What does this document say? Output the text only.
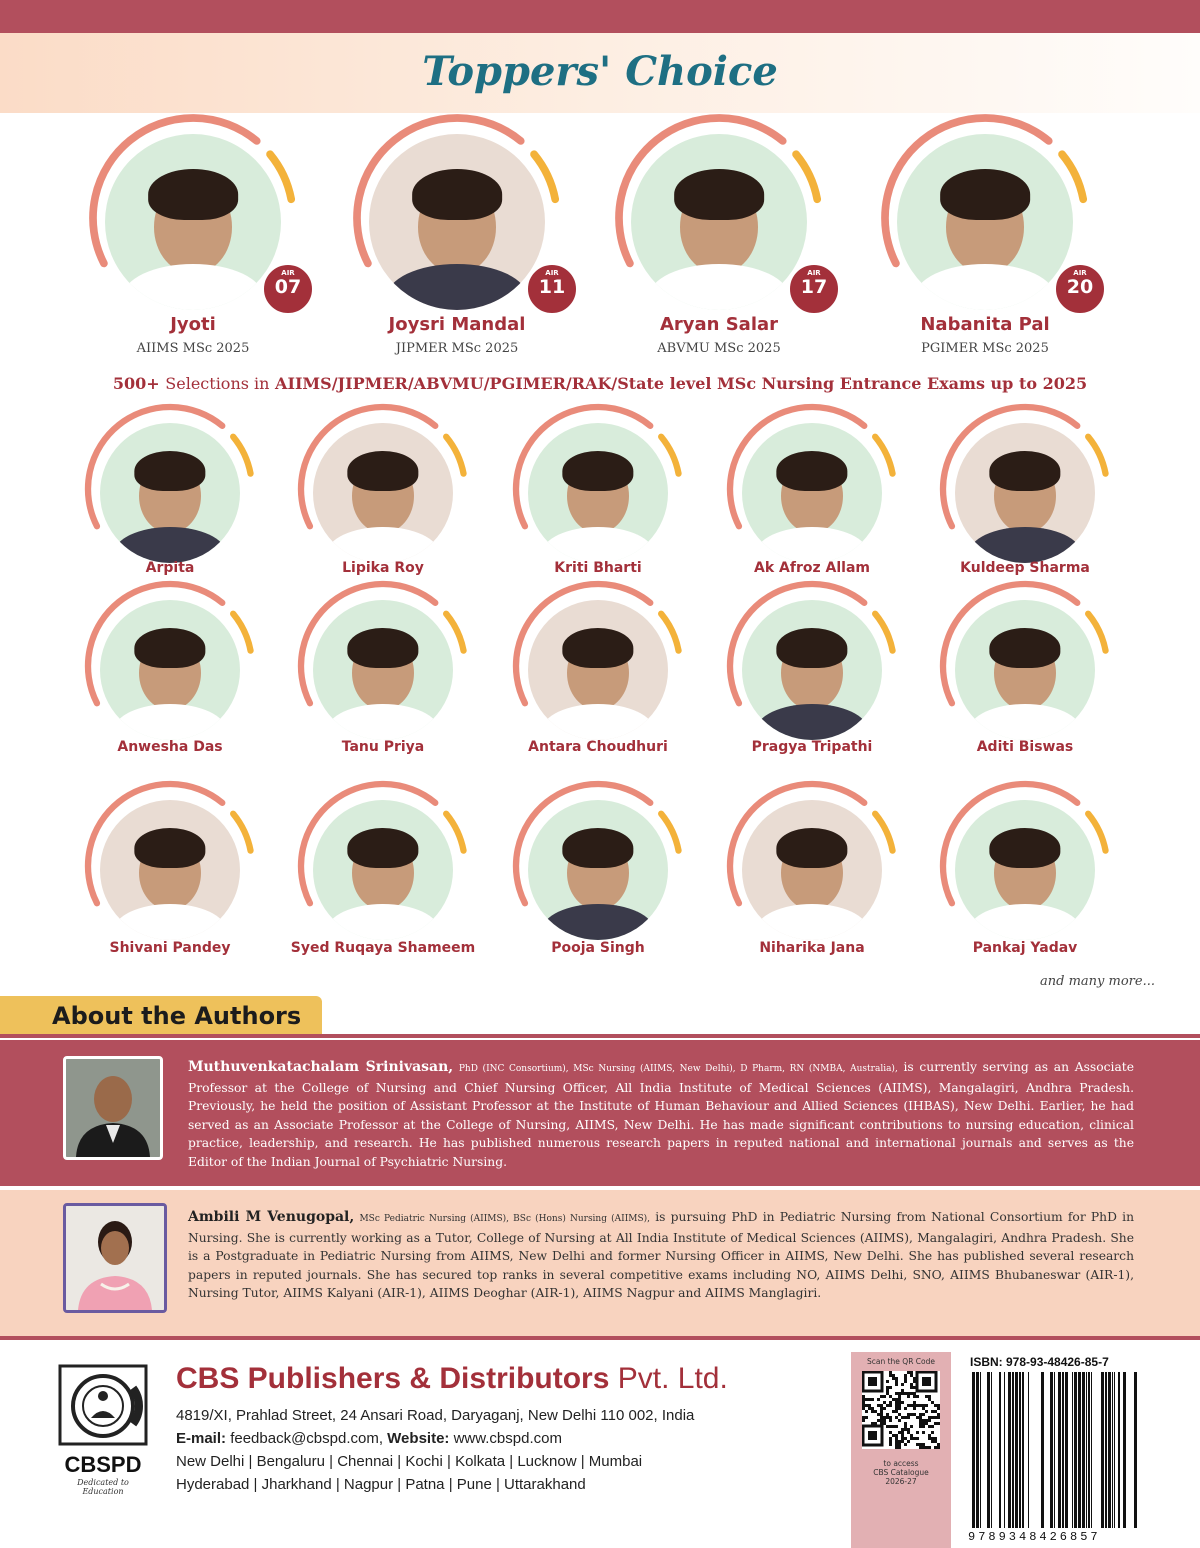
Toppers' Choice
AIR
07
Jyoti
AIIMS MSc 2025
AIR
11
Joysri Mandal
JIPMER MSc 2025
AIR
17
Aryan Salar
ABVMU MSc 2025
AIR
20
Nabanita Pal
PGIMER MSc 2025
500+ Selections in AIIMS/JIPMER/ABVMU/PGIMER/RAK/State level MSc Nursing Entrance Exams up to 2025
Arpita	Lipika Roy	Kriti Bharti	Ak Afroz Allam	Kuldeep Sharma
Anwesha Das	Tanu Priya	Antara Choudhuri	Pragya Tripathi	Aditi Biswas
Shivani Pandey	Syed Ruqaya Shameem	Pooja Singh	Niharika Jana	Pankaj Yadav
and many more...
About the Authors
Muthuvenkatachalam Srinivasan, PhD (INC Consortium), MSc Nursing (AIIMS, New Delhi), D Pharm, RN (NMBA, Australia), is currently serving as an Associate Professor at the College of Nursing and Chief Nursing Officer, All India Institute of Medical Sciences (AIIMS), Mangalagiri, Andhra Pradesh. Previously, he held the position of Assistant Professor at the Institute of Human Behaviour and Allied Sciences (IHBAS), New Delhi. Earlier, he had served as an Associate Professor at the College of Nursing, AIIMS, New Delhi. He has made significant contributions to nursing education, clinical practice, leadership, and research. He has published numerous research papers in reputed national and international journals and serves as the Editor of the Indian Journal of Psychiatric Nursing.
Ambili M Venugopal, MSc Pediatric Nursing (AIIMS), BSc (Hons) Nursing (AIIMS), is pursuing PhD in Pediatric Nursing from National Consortium for PhD in Nursing. She is currently working as a Tutor, College of Nursing at All India Institute of Medical Sciences (AIIMS), Mangalagiri, Andhra Pradesh. She is a Postgraduate in Pediatric Nursing from AIIMS, New Delhi and former Nursing Officer in AIIMS, New Delhi. She has published several research papers in reputed journals. She has secured top ranks in several competitive exams including NO, AIIMS Delhi, SNO, AIIMS Bhubaneswar (AIR-1), Nursing Tutor, AIIMS Kalyani (AIR-1), AIIMS Deoghar (AIR-1), AIIMS Nagpur and AIIMS Manglagiri.
CBSPD
Dedicated to Education
CBS Publishers & Distributors Pvt. Ltd.
4819/XI, Prahlad Street, 24 Ansari Road, Daryaganj, New Delhi 110 002, India
E-mail: feedback@cbspd.com, Website: www.cbspd.com
New Delhi | Bengaluru | Chennai | Kochi | Kolkata | Lucknow | Mumbai
Hyderabad | Jharkhand | Nagpur | Patna | Pune | Uttarakhand
Scan the QR Code
to access
CBS Catalogue
2026-27
ISBN: 978-93-48426-85-7
9789348426857
